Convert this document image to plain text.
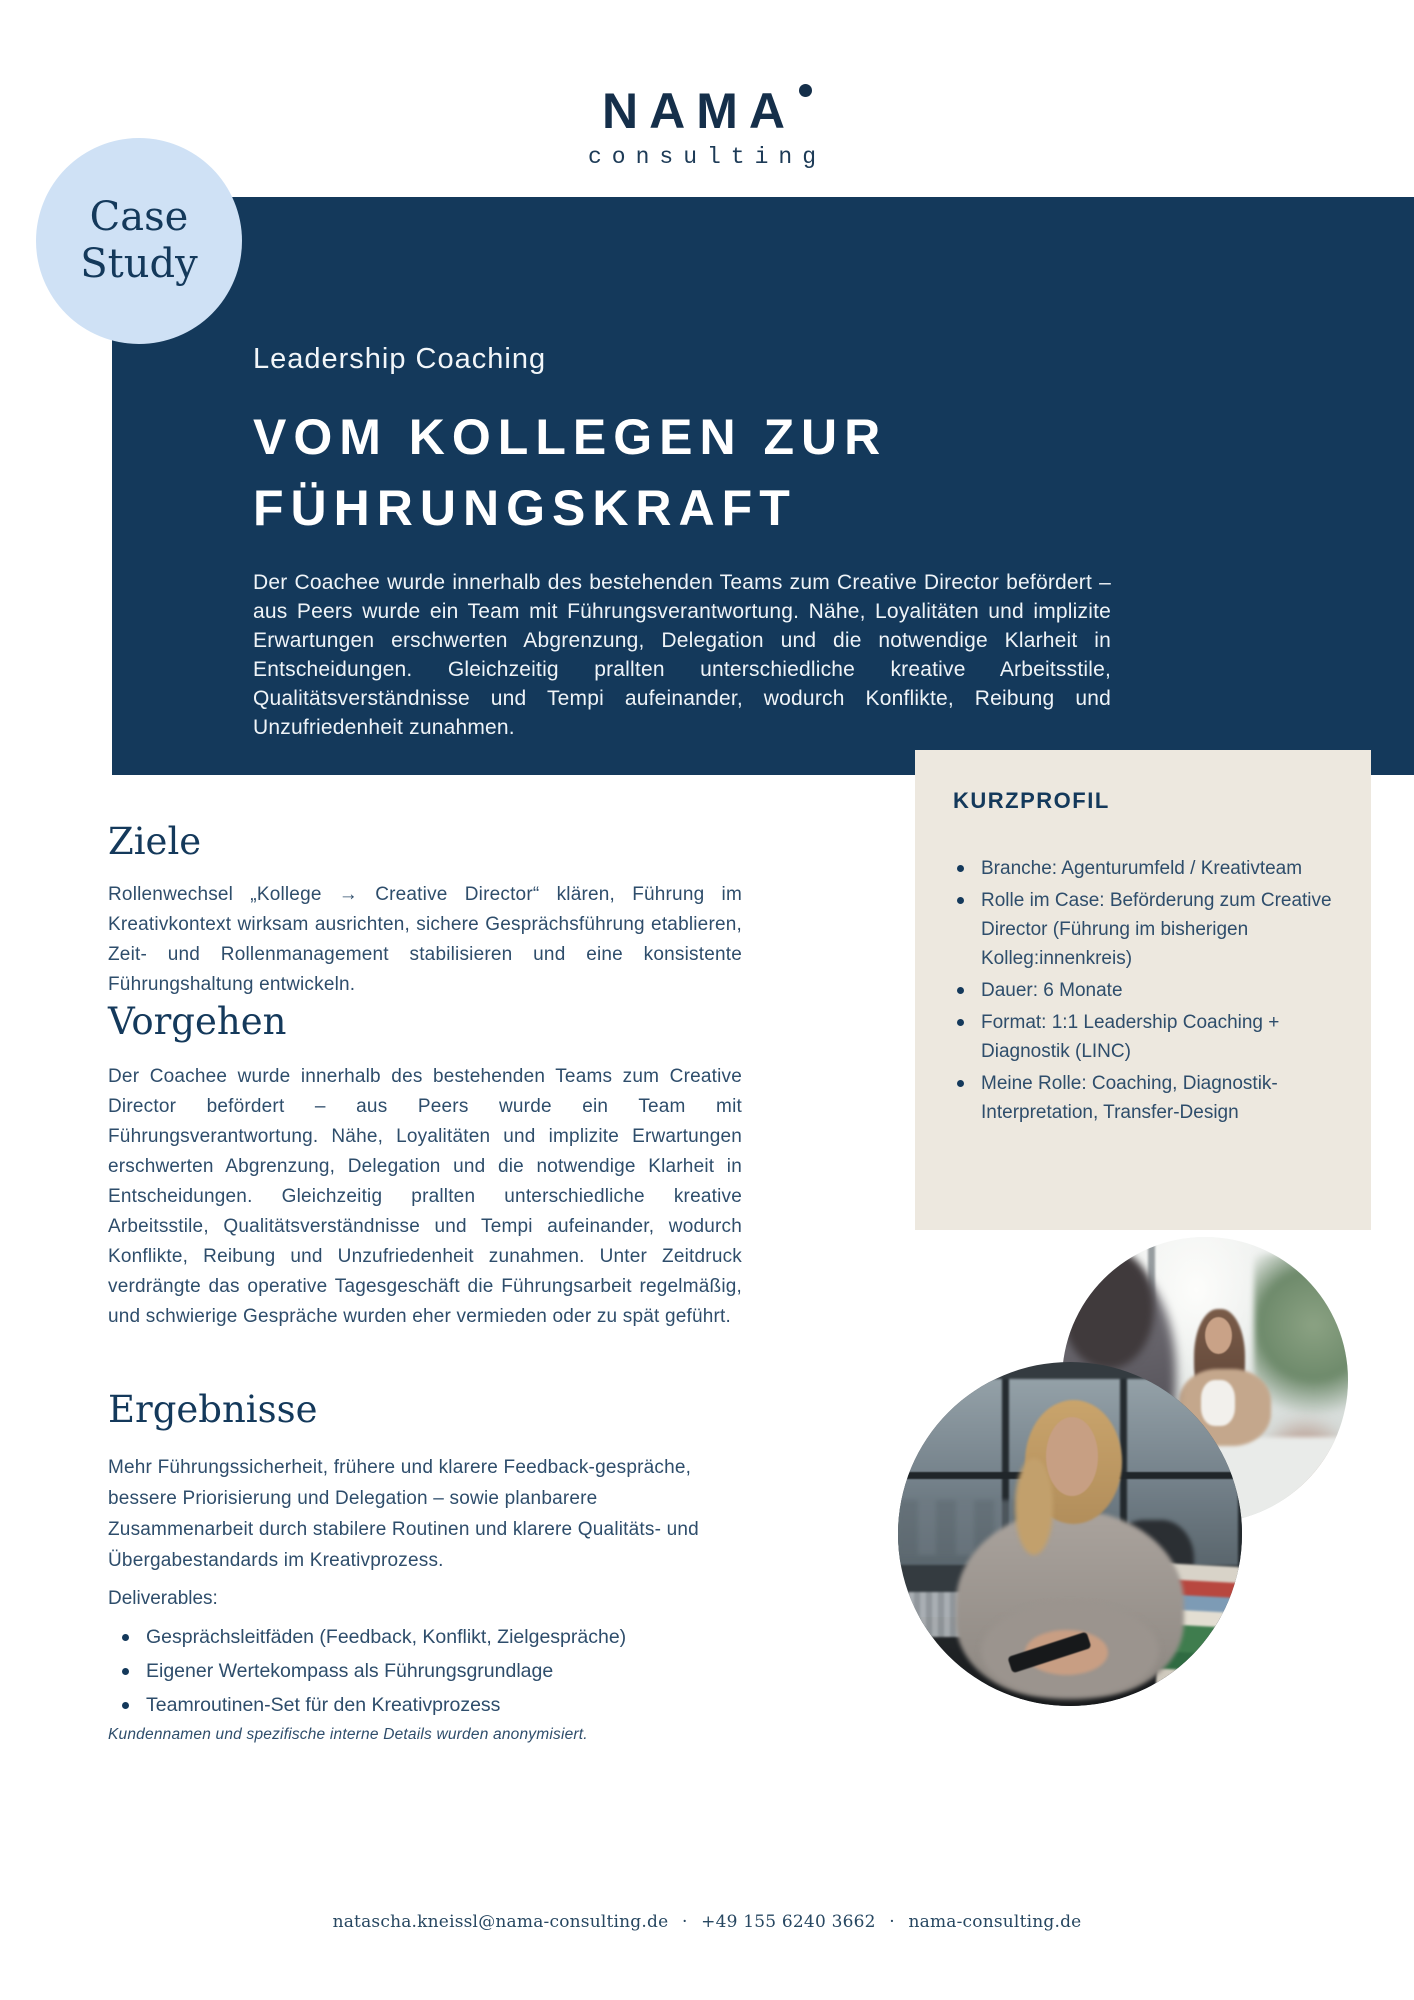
NAMA
consulting
Case
Study
Leadership Coaching
VOM KOLLEGEN ZUR
FÜHRUNGSKRAFT

Der Coachee wurde innerhalb des bestehenden Teams zum Creative Director befördert – aus Peers wurde ein Team mit Führungsverantwortung. Nähe, Loyalitäten und implizite Erwartungen erschwerten Abgrenzung, Delegation und die notwendige Klarheit in Entscheidungen. Gleichzeitig prallten unterschiedliche kreative Arbeitsstile, Qualitätsverständnisse und Tempi aufeinander, wodurch Konflikte, Reibung und Unzufriedenheit zunahmen.

KURZPROFIL
Branche: Agenturumfeld / Kreativteam
Rolle im Case: Beförderung zum Creative Director (Führung im bisherigen Kolleg:innenkreis)
Dauer: 6 Monate
Format: 1:1 Leadership Coaching + Diagnostik (LINC)
Meine Rolle: Coaching, Diagnostik-Interpretation, Transfer-Design
Ziele

Rollenwechsel „Kollege → Creative Director“ klären, Führung im Kreativkontext wirksam ausrichten, sichere Gesprächsführung etablieren, Zeit- und Rollenmanagement stabilisieren und eine konsistente Führungshaltung entwickeln.

Vorgehen

Der Coachee wurde innerhalb des bestehenden Teams zum Creative Director befördert – aus Peers wurde ein Team mit Führungsverantwortung. Nähe, Loyalitäten und implizite Erwartungen erschwerten Abgrenzung, Delegation und die notwendige Klarheit in Entscheidungen. Gleichzeitig prallten unterschiedliche kreative Arbeitsstile, Qualitätsverständnisse und Tempi aufeinander, wodurch Konflikte, Reibung und Unzufriedenheit zunahmen. Unter Zeitdruck verdrängte das operative Tagesgeschäft die Führungsarbeit regelmäßig, und schwierige Gespräche wurden eher vermieden oder zu spät geführt.

Ergebnisse

Mehr Führungssicherheit, frühere und klarere Feedback-gespräche, bessere Priorisierung und Delegation – sowie planbarere Zusammenarbeit durch stabilere Routinen und klarere Qualitäts- und Übergabestandards im Kreativprozess.

Deliverables:
Gesprächsleitfäden (Feedback, Konflikt, Zielgespräche)
Eigener Wertekompass als Führungsgrundlage
Teamroutinen-Set für den Kreativprozess
Kundennamen und spezifische interne Details wurden anonymisiert.
natascha.kneissl@nama-consulting.de · +49 155 6240 3662 · nama-consulting.de
